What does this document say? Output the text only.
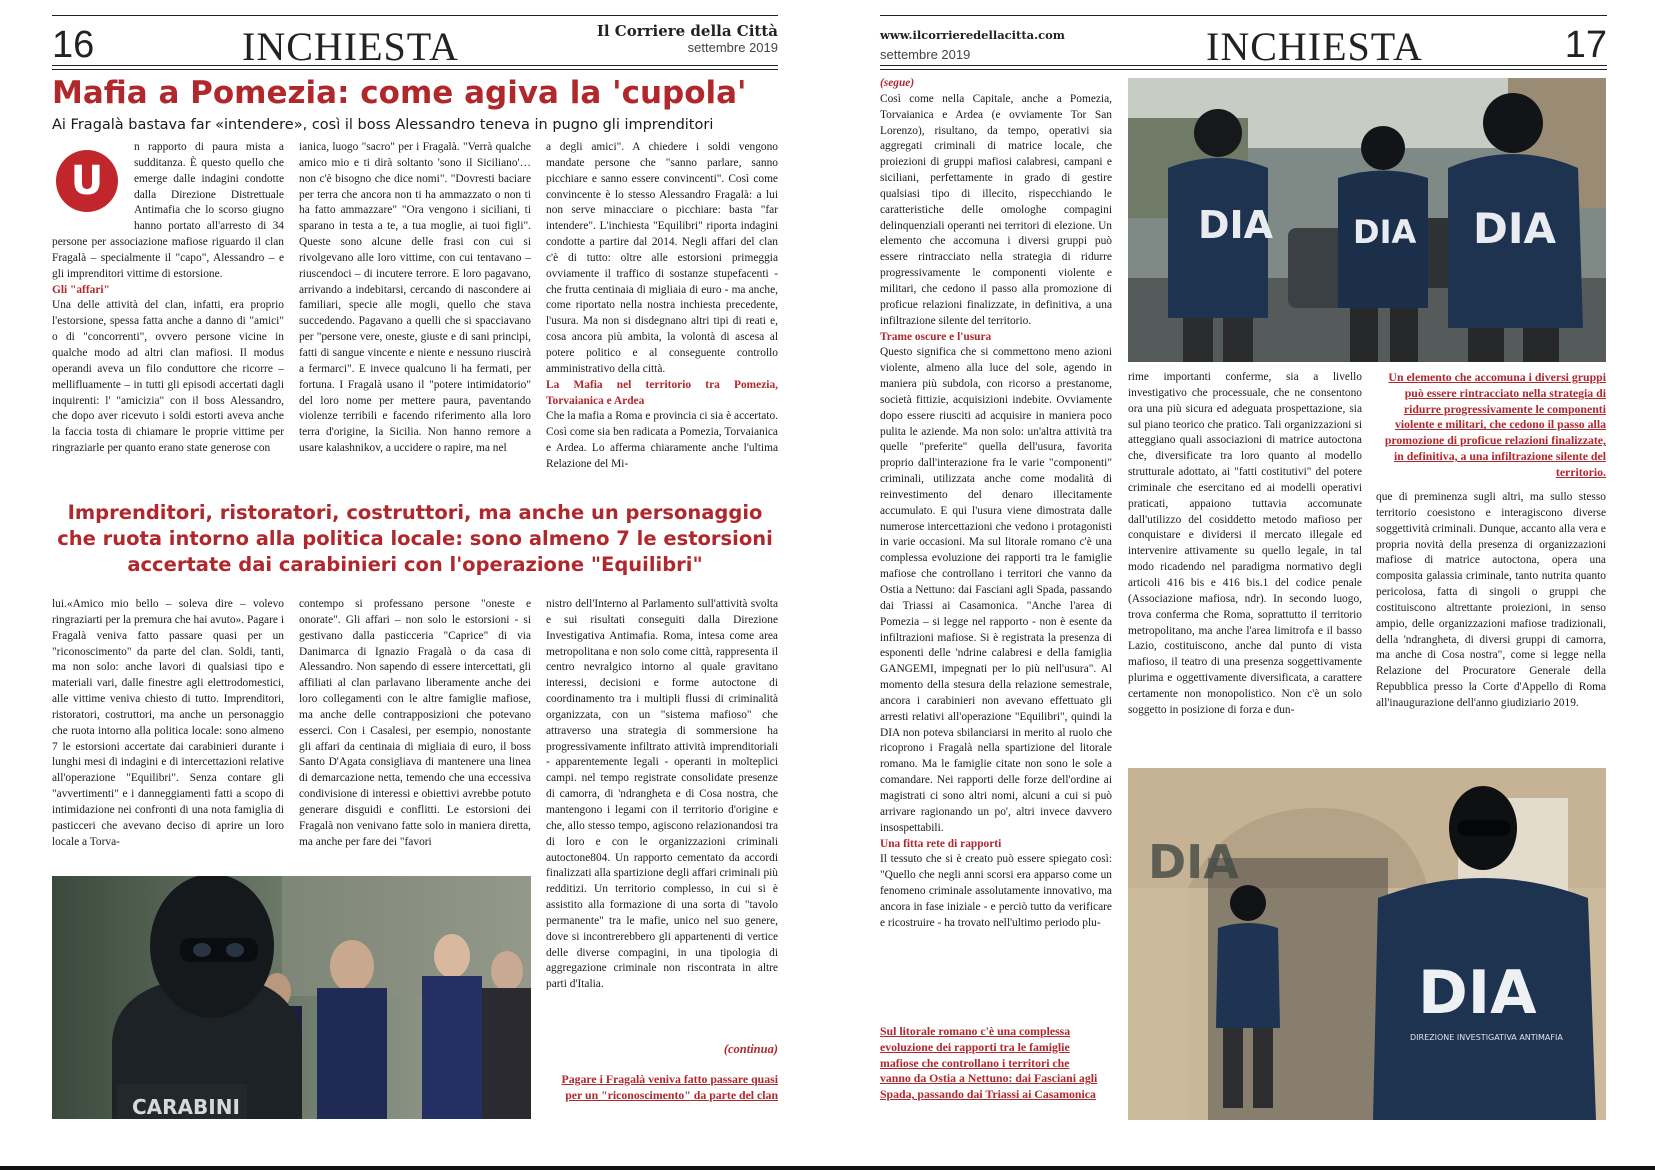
16	INCHIESTA	Il Corriere della Città
settembre 2019
Mafia a Pomezia: come agiva la 'cupola'
Ai Fragalà bastava far «intendere», così il boss Alessandro teneva in pugno gli imprenditori
U

n rapporto di paura mista a sudditanza. È questo quello che emerge dalle indagini condotte dalla Direzione Distrettuale Antimafia che lo scorso giugno hanno portato all'arresto di 34 persone per associazione mafiose riguardo il clan Fragalà – specialmente il "capo", Alessandro – e gli imprenditori vittime di estorsione.

Gli "affari"

Una delle attività del clan, infatti, era proprio l'estorsione, spessa fatta anche a danno di "amici" o di "concorrenti", ovvero persone vicine in qualche modo ad altri clan mafiosi. Il modus operandi aveva un filo conduttore che ricorre – mellifluamente – in tutti gli episodi accertati dagli inquirenti: l' "amicizia" con il boss Alessandro, che dopo aver ricevuto i soldi estorti aveva anche la faccia tosta di chiamare le proprie vittime per ringraziarle per quanto erano state generose con

ianica, luogo "sacro" per i Fragalà. "Verrà qualche amico mio e ti dirà soltanto 'sono il Siciliano'… non c'è bisogno che dice nomi". "Dovresti baciare per terra che ancora non ti ha ammazzato o non ti ha fatto ammazzare" "Ora vengono i siciliani, ti sparano in testa a te, a tua moglie, ai tuoi figli". Queste sono alcune delle frasi con cui si rivolgevano alle loro vittime, con cui tentavano – riuscendoci – di incutere terrore. E loro pagavano, arrivando a indebitarsi, cercando di nascondere ai familiari, specie alle mogli, quello che stava succedendo. Pagavano a quelli che si spacciavano per "persone vere, oneste, giuste e di sani principi, fatti di sangue vincente e niente e nessuno riuscirà a fermarci". E invece qualcuno li ha fermati, per fortuna. I Fragalà usano il "potere intimidatorio" del loro nome per mettere paura, paventando violenze terribili e facendo riferimento alla loro terra d'origine, la Sicilia. Non hanno remore a usare kalashnikov, a uccidere o rapire, ma nel

a degli amici". A chiedere i soldi vengono mandate persone che "sanno parlare, sanno picchiare e sanno essere convincenti". Così come convincente è lo stesso Alessandro Fragalà: a lui non serve minacciare o picchiare: basta "far intendere". L'inchiesta "Equilibri" riporta indagini condotte a partire dal 2014. Negli affari del clan c'è di tutto: oltre alle estorsioni primeggia ovviamente il traffico di sostanze stupefacenti - che frutta centinaia di migliaia di euro - ma anche, come riportato nella nostra inchiesta precedente, l'usura. Ma non si disdegnano altri tipi di reati e, cosa ancora più ambita, la volontà di ascesa al potere politico e al conseguente controllo amministrativo della città.

La Mafia nel territorio tra Pomezia, Torvaianica e Ardea

Che la mafia a Roma e provincia ci sia è accertato. Così come sia ben radicata a Pomezia, Torvaianica e Ardea. Lo afferma chiaramente anche l'ultima Relazione del Mi-

Imprenditori, ristoratori, costruttori, ma anche un personaggio che ruota intorno alla politica locale: sono almeno 7 le estorsioni accertate dai carabinieri con l'operazione "Equilibri"

lui.«Amico mio bello – soleva dire – volevo ringraziarti per la premura che hai avuto». Pagare i Fragalà veniva fatto passare quasi per un "riconoscimento" da parte del clan. Soldi, tanti, ma non solo: anche lavori di qualsiasi tipo e materiali vari, dalle finestre agli elettrodomestici, alle vittime veniva chiesto di tutto. Imprenditori, ristoratori, costruttori, ma anche un personaggio che ruota intorno alla politica locale: sono almeno 7 le estorsioni accertate dai carabinieri durante i lunghi mesi di indagini e di intercettazioni relative all'operazione "Equilibri". Senza contare gli "avvertimenti" e i danneggiamenti fatti a scopo di intimidazione nei confronti di una nota famiglia di pasticceri che avevano deciso di aprire un loro locale a Torva-

contempo si professano persone "oneste e onorate". Gli affari – non solo le estorsioni - si gestivano dalla pasticceria "Caprice" di via Danimarca di Ignazio Fragalà o da casa di Alessandro. Non sapendo di essere intercettati, gli affiliati al clan parlavano liberamente anche dei loro collegamenti con le altre famiglie mafiose, ma anche delle contrapposizioni che potevano esserci. Con i Casalesi, per esempio, nonostante gli affari da centinaia di migliaia di euro, il boss Santo D'Agata consigliava di mantenere una linea di demarcazione netta, temendo che una eccessiva condivisione di interessi e obiettivi avrebbe potuto generare disguidi e conflitti. Le estorsioni dei Fragalà non venivano fatte solo in maniera diretta, ma anche per fare dei "favori

nistro dell'Interno al Parlamento sull'attività svolta e sui risultati conseguiti dalla Direzione Investigativa Antimafia. Roma, intesa come area metropolitana e non solo come città, rappresenta il centro nevralgico intorno al quale gravitano interessi, decisioni e forme autoctone di coordinamento tra i multipli flussi di criminalità organizzata, con un "sistema mafioso" che attraverso una strategia di sommersione ha progressivamente infiltrato attività imprenditoriali - apparentemente legali - operanti in molteplici campi. nel tempo registrate consolidate presenze di camorra, di 'ndrangheta e di Cosa nostra, che mantengono i legami con il territorio d'origine e che, allo stesso tempo, agiscono relazionandosi tra di loro e con le organizzazioni criminali autoctone804. Un rapporto cementato da accordi finalizzati alla spartizione degli affari criminali più redditizi. Un territorio complesso, in cui si è assistito alla formazione di una sorta di "tavolo permanente" tra le mafie, unico nel suo genere, dove si incontrerebbero gli appartenenti di vertice delle diverse compagini, in una tipologia di aggregazione criminale non riscontrata in altre parti d'Italia.

(continua)
Pagare i Fragalà veniva fatto passare quasi per un "riconoscimento" da parte del clan
CARABINI
www.ilcorrieredellacitta.com
settembre 2019	INCHIESTA	17

(segue)

Così come nella Capitale, anche a Pomezia, Torvaianica e Ardea (e ovviamente Tor San Lorenzo), risultano, da tempo, operativi sia aggregati criminali di matrice locale, che proiezioni di gruppi mafiosi calabresi, campani e siciliani, perfettamente in grado di gestire qualsiasi tipo di illecito, rispecchiando le caratteristiche delle omologhe compagini delinquenziali operanti nei territori di elezione. Un elemento che accomuna i diversi gruppi può essere rintracciato nella strategia di ridurre progressivamente le componenti violente e militari, che cedono il passo alla promozione di proficue relazioni finalizzate, in definitiva, a una infiltrazione silente del territorio.

Trame oscure e l'usura

Questo significa che si commettono meno azioni violente, almeno alla luce del sole, agendo in maniera più subdola, con ricorso a prestanome, società fittizie, acquisizioni indebite. Ovviamente dopo essere riusciti ad acquisire in maniera poco pulita le aziende. Ma non solo: un'altra attività tra quelle "preferite" quella dell'usura, favorita proprio dall'interazione fra le varie "componenti" criminali, utilizzata anche come modalità di reinvestimento del denaro illecitamente accumulato. E qui l'usura viene dimostrata dalle numerose intercettazioni che vedono i protagonisti in varie occasioni. Ma sul litorale romano c'è una complessa evoluzione dei rapporti tra le famiglie mafiose che controllano i territori che vanno da Ostia a Nettuno: dai Fasciani agli Spada, passando dai Triassi ai Casamonica. "Anche l'area di Pomezia – si legge nel rapporto - non è esente da infiltrazioni mafiose. Si è registrata la presenza di esponenti delle 'ndrine calabresi e della famiglia GANGEMI, impegnati per lo più nell'usura". Al momento della stesura della relazione semestrale, ancora i carabinieri non avevano effettuato gli arresti relativi all'operazione "Equilibri", quindi la DIA non poteva sbilanciarsi in merito al ruolo che ricoprono i Fragalà nella spartizione del litorale romano. Ma le famiglie citate non sono le sole a comandare. Nei rapporti delle forze dell'ordine ai magistrati ci sono altri nomi, alcuni a cui si può arrivare ragionando un po', altri invece davvero insospettabili.

Una fitta rete di rapporti

Il tessuto che si è creato può essere spiegato così: "Quello che negli anni scorsi era apparso come un fenomeno criminale assolutamente innovativo, ma ancora in fase iniziale - e perciò tutto da verificare e ricostruire - ha trovato nell'ultimo periodo plu-

Sul litorale romano c'è una complessa evoluzione dei rapporti tra le famiglie mafiose che controllano i territori che vanno da Ostia a Nettuno: dai Fasciani agli Spada, passando dai Triassi ai Casamonica
DIA DIA DIA

rime importanti conferme, sia a livello investigativo che processuale, che ne consentono ora una più sicura ed adeguata prospettazione, sia sul piano teorico che pratico. Tali organizzazioni si atteggiano quali associazioni di matrice autoctona che, diversificate tra loro quanto al modello strutturale adottato, ai "fatti costitutivi" del potere criminale che esercitano ed ai modelli operativi praticati, appaiono tuttavia accomunate dall'utilizzo del cosiddetto metodo mafioso per conquistare e dividersi il mercato illegale ed intervenire attivamente su quello legale, in tal modo ricadendo nel paradigma normativo degli articoli 416 bis e 416 bis.1 del codice penale (Associazione mafiosa, ndr). In secondo luogo, trova conferma che Roma, soprattutto il territorio metropolitano, ma anche l'area limitrofa e il basso Lazio, costituiscono, anche dal punto di vista mafioso, il teatro di una presenza soggettivamente plurima e oggettivamente diversificata, a carattere certamente non monopolistico. Non c'è un solo soggetto in posizione di forza e dun-

Un elemento che accomuna i diversi gruppi può essere rintracciato nella strategia di ridurre progressivamente le componenti violente e militari, che cedono il passo alla promozione di proficue relazioni finalizzate, in definitiva, a una infiltrazione silente del territorio.

que di preminenza sugli altri, ma sullo stesso territorio coesistono e interagiscono diverse soggettività criminali. Dunque, accanto alla vera e propria novità della presenza di organizzazioni mafiose di matrice autoctona, opera una composita galassia criminale, tanto nutrita quanto pericolosa, fatta di singoli o gruppi che costituiscono altrettante proiezioni, in senso ampio, delle organizzazioni mafiose tradizionali, della 'ndrangheta, di diversi gruppi di camorra, ma anche di Cosa nostra", come si legge nella Relazione del Procuratore Generale della Repubblica presso la Corte d'Appello di Roma all'inaugurazione dell'anno giudiziario 2019.

DIA
DIA
DIREZIONE INVESTIGATIVA ANTIMAFIA
